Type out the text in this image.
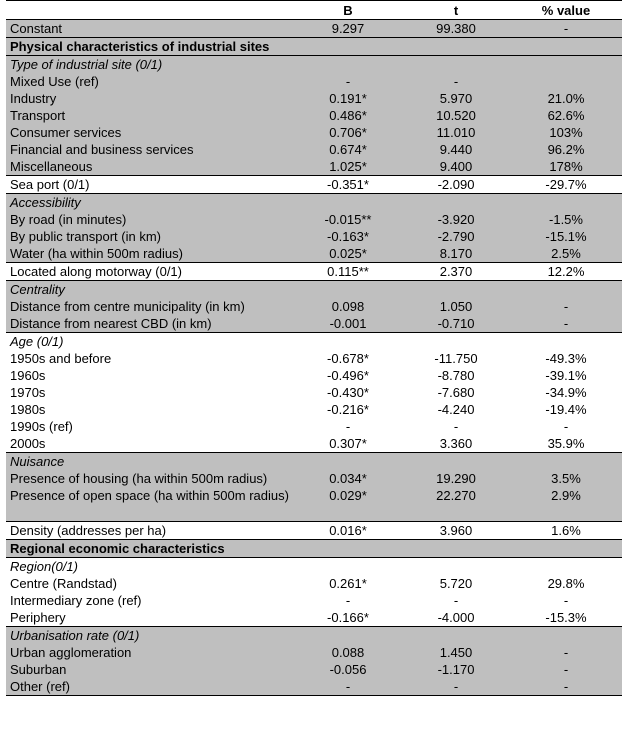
	B	t	% value
Constant	9.297	99.380	-
Physical characteristics of industrial sites			
Type of industrial site (0/1)			
Mixed Use (ref)	-	-	
Industry	0.191*	5.970	21.0%
Transport	0.486*	10.520	62.6%
Consumer services	0.706*	11.010	103%
Financial and business services	0.674*	9.440	96.2%
Miscellaneous	1.025*	9.400	178%
Sea port (0/1)	-0.351*	-2.090	-29.7%
Accessibility			
By road (in minutes)	-0.015**	-3.920	-1.5%
By public transport (in km)	-0.163*	-2.790	-15.1%
Water (ha within 500m radius)	0.025*	8.170	2.5%
Located along motorway (0/1)	0.115**	2.370	12.2%
Centrality			
Distance from centre municipality (in km)	0.098	1.050	-
Distance from nearest CBD (in km)	-0.001	-0.710	-
Age (0/1)			
1950s and before	-0.678*	-11.750	-49.3%
1960s	-0.496*	-8.780	-39.1%
1970s	-0.430*	-7.680	-34.9%
1980s	-0.216*	-4.240	-19.4%
1990s (ref)	-	-	-
2000s	0.307*	3.360	35.9%
Nuisance			
Presence of housing (ha within 500m radius)	0.034*	19.290	3.5%
Presence of open space (ha within 500m radius)	0.029*	22.270	2.9%
Density (addresses per ha)	0.016*	3.960	1.6%
Regional economic characteristics			
Region(0/1)			
Centre (Randstad)	0.261*	5.720	29.8%
Intermediary zone (ref)	-	-	-
Periphery	-0.166*	-4.000	-15.3%
Urbanisation rate (0/1)			
Urban agglomeration	0.088	1.450	-
Suburban	-0.056	-1.170	-
Other (ref)	-	-	-
